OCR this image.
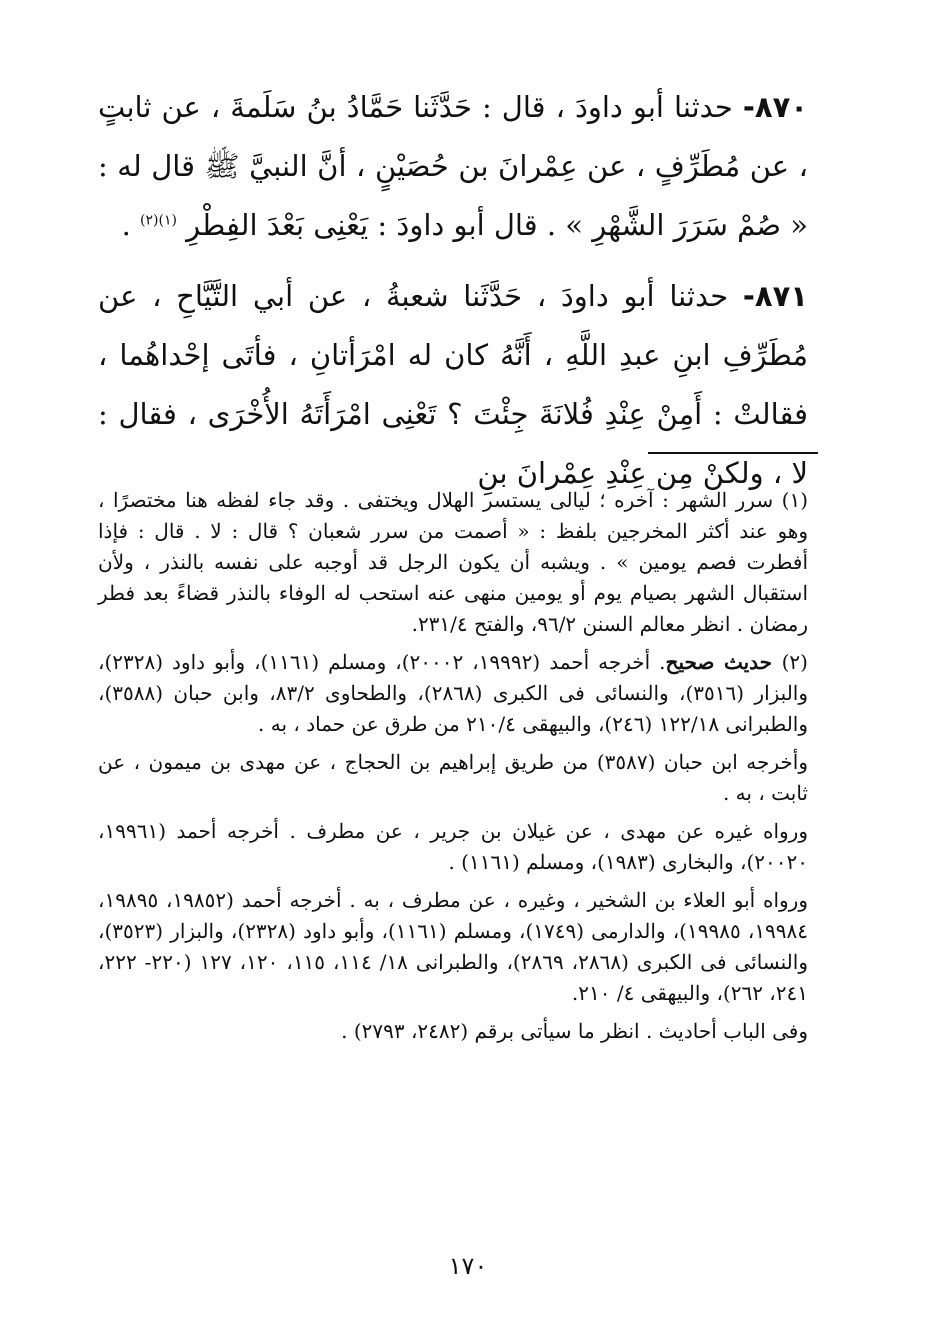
٨٧٠- حدثنا أبو داودَ ، قال : حَدَّثَنا حَمَّادُ بنُ سَلَمةَ ، عن ثابتٍ ، عن مُطَرِّفٍ ، عن عِمْرانَ بن حُصَيْنٍ ، أنَّ النبيَّ ﷺ قال له : « صُمْ سَرَرَ الشَّهْرِ » . قال أبو داودَ : يَعْنِى بَعْدَ الفِطْرِ $^{(١)(٢)}$ .

٨٧١- حدثنا أبو داودَ ، حَدَّثَنا شعبةُ ، عن أبي التَّيَّاحِ ، عن مُطَرِّفِ ابنِ عبدِ اللَّهِ ، أَنَّهُ كان له امْرَأتانِ ، فأتَى إحْداهُما ، فقالتْ : أَمِنْ عِنْدِ فُلانَةَ جِئْتَ ؟ تَعْنِى امْرَأَتَهُ الأُخْرَى ، فقال : لا ، ولكنْ مِن عِنْدِ عِمْرانَ بنِ

(١) سرر الشهر : آخره ؛ ليالى يستسر الهلال ويختفى . وقد جاء لفظه هنا مختصرًا ، وهو عند أكثر المخرجين بلفظ : « أصمت من سرر شعبان ؟ قال : لا . قال : فإذا أفطرت فصم يومين » . ويشبه أن يكون الرجل قد أوجبه على نفسه بالنذر ، ولأن استقبال الشهر بصيام يوم أو يومين منهى عنه استحب له الوفاء بالنذر قضاءً بعد فطر رمضان . انظر معالم السنن ٩٦/٢، والفتح ٢٣١/٤.

(٢) حديث صحيح. أخرجه أحمد (١٩٩٩٢، ٢٠٠٠٢)، ومسلم (١١٦١)، وأبو داود (٢٣٢٨)، والبزار (٣٥١٦)، والنسائى فى الكبرى (٢٨٦٨)، والطحاوى ٨٣/٢، وابن حبان (٣٥٨٨)، والطبرانى ١٢٢/١٨ (٢٤٦)، والبيهقى ٢١٠/٤ من طرق عن حماد ، به .

وأخرجه ابن حبان (٣٥٨٧) من طريق إبراهيم بن الحجاج ، عن مهدى بن ميمون ، عن ثابت ، به .

ورواه غيره عن مهدى ، عن غيلان بن جرير ، عن مطرف . أخرجه أحمد (١٩٩٦١، ٢٠٠٢٠)، والبخارى (١٩٨٣)، ومسلم (١١٦١) .

ورواه أبو العلاء بن الشخير ، وغيره ، عن مطرف ، به . أخرجه أحمد (١٩٨٥٢، ١٩٨٩٥، ١٩٩٨٤، ١٩٩٨٥)، والدارمى (١٧٤٩)، ومسلم (١١٦١)، وأبو داود (٢٣٢٨)، والبزار (٣٥٢٣)، والنسائى فى الكبرى (٢٨٦٨، ٢٨٦٩)، والطبرانى ١٨/ ١١٤، ١١٥، ١٢٠، ١٢٧ (٢٢٠- ٢٢٢، ٢٤١، ٢٦٢)، والبيهقى ٤/ ٢١٠.

وفى الباب أحاديث . انظر ما سيأتى برقم (٢٤٨٢، ٢٧٩٣) .

١٧٠
